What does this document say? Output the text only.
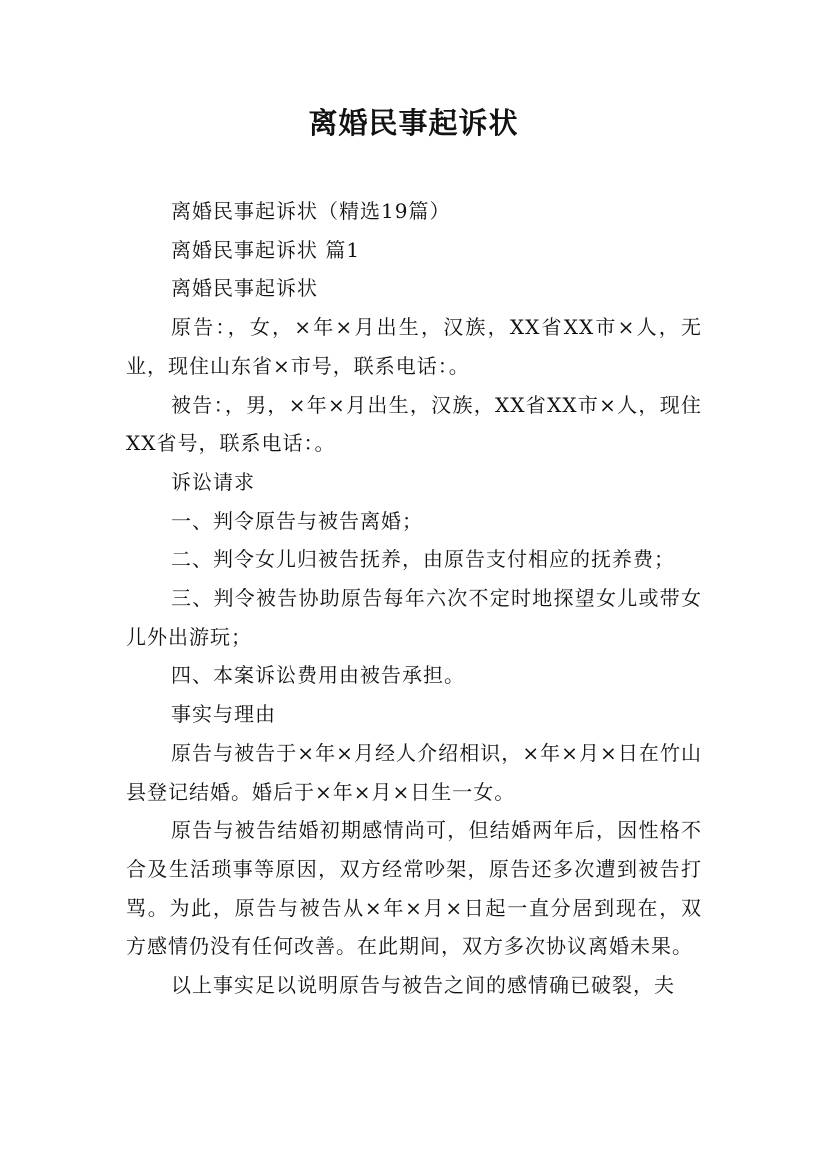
离婚民事起诉状

离婚民事起诉状（精选19篇）

离婚民事起诉状 篇1

离婚民事起诉状

原告：，女，×年×月出生，汉族，XX省XX市×人，无业，现住山东省×市号，联系电话：。

被告：，男，×年×月出生，汉族，XX省XX市×人，现住XX省号，联系电话：。

诉讼请求

一、判令原告与被告离婚；

二、判令女儿归被告抚养，由原告支付相应的抚养费；

三、判令被告协助原告每年六次不定时地探望女儿或带女儿外出游玩；

四、本案诉讼费用由被告承担。

事实与理由

原告与被告于×年×月经人介绍相识，×年×月×日在竹山县登记结婚。婚后于×年×月×日生一女。

原告与被告结婚初期感情尚可，但结婚两年后，因性格不合及生活琐事等原因，双方经常吵架，原告还多次遭到被告打骂。为此，原告与被告从×年×月×日起一直分居到现在，双方感情仍没有任何改善。在此期间，双方多次协议离婚未果。

以上事实足以说明原告与被告之间的感情确已破裂，夫
